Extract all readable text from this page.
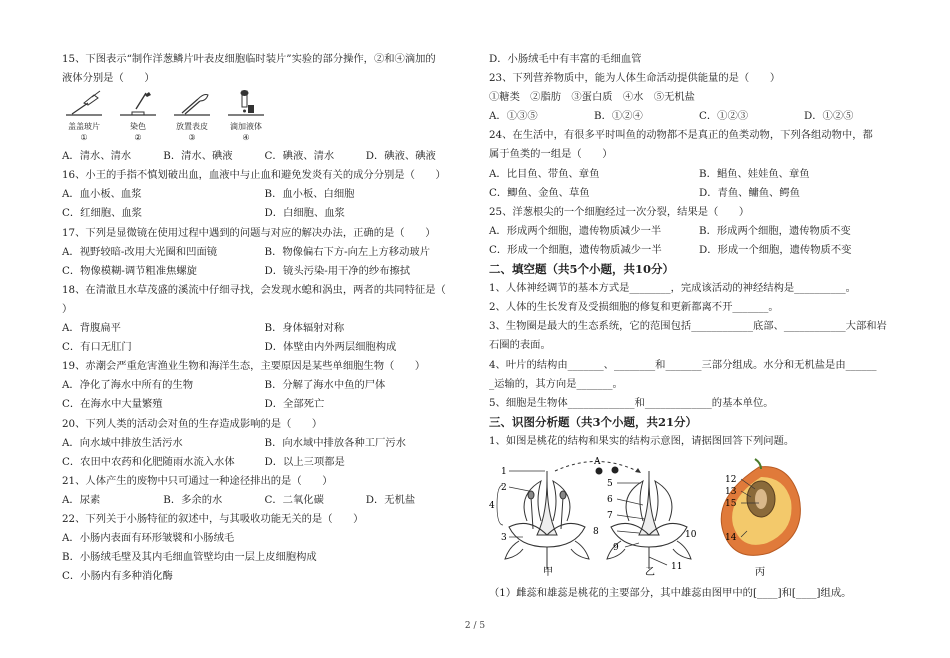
15、下图表示“制作洋葱鳞片叶表皮细胞临时装片”实验的部分操作，②和④滴加的
液体分别是（　　）
盖盖玻片
①
染色
②
放置表皮
③
滴加液体
④
A．清水、清水	B．清水、碘液	C．碘液、清水	D．碘液、碘液
16、小王的手指不慎划破出血，血液中与止血和避免发炎有关的成分分别是（　　）
A．血小板、血浆	B．血小板、白细胞
C．红细胞、血浆	D．白细胞、血浆
17、下列是显微镜在使用过程中遇到的问题与对应的解决办法，正确的是（　　）
A．视野较暗-改用大光圈和凹面镜	B．物像偏右下方-向左上方移动玻片
C．物像模糊-调节粗准焦螺旋	D．镜头污染-用干净的纱布擦拭
18、在清澈且水草茂盛的溪流中仔细寻找，会发现水螅和涡虫，两者的共同特征是（
）
A．背腹扁平	B．身体辐射对称
C．有口无肛门	D．体壁由内外两层细胞构成
19、赤潮会严重危害渔业生物和海洋生态，主要原因是某些单细胞生物（　　）
A．净化了海水中所有的生物	B．分解了海水中鱼的尸体
C．在海水中大量繁殖	D．全部死亡
20、下列人类的活动会对鱼的生存造成影响的是（　　）
A．向水域中排放生活污水	B．向水域中排放各种工厂污水
C．农田中农药和化肥随雨水流入水体	D．以上三项都是
21、人体产生的废物中只可通过一种途径排出的是（　　）
A．尿素	B．多余的水	C．二氧化碳	D．无机盐
22、下列关于小肠特征的叙述中，与其吸收功能无关的是（　　）
A．小肠内表面有环形皱襞和小肠绒毛
B．小肠绒毛壁及其内毛细血管壁均由一层上皮细胞构成
C．小肠内有多种消化酶
D．小肠绒毛中有丰富的毛细血管
23、下列营养物质中，能为人体生命活动提供能量的是（　　）
①糖类　②脂肪　③蛋白质　④水　⑤无机盐
A．①③⑤	B．①②④	C．①②③	D．①②⑤
24、在生活中，有很多平时叫鱼的动物都不是真正的鱼类动物，下列各组动物中，都
属于鱼类的一组是（　　）
A．比目鱼、带鱼、章鱼	B．鲳鱼、娃娃鱼、章鱼
C．鲫鱼、金鱼、草鱼	D．青鱼、鳙鱼、鳄鱼
25、洋葱根尖的一个细胞经过一次分裂，结果是（　　）
A．形成两个细胞，遗传物质减少一半	B．形成两个细胞，遗传物质不变
C．形成一个细胞，遗传物质减少一半	D．形成一个细胞，遗传物质不变
二、填空题（共5个小题，共10分）
1、人体神经调节的基本方式是________，完成该活动的神经结构是__________。
2、人体的生长发育及受损细胞的修复和更新都离不开_______。
3、生物圈是最大的生态系统，它的范围包括____________底部、____________大部和岩
石圈的表面。
4、叶片的结构由_______、________和_______三部分组成。水分和无机盐是由______
_运输的，其方向是_______。
5、细胞是生物体_____________和_____________的基本单位。
三、识图分析题（共3个小题，共21分）
1、如图是桃花的结构和果实的结构示意图，请据图回答下列问题。
1
2
4
3
A
5
6
7
8
9
10
11
12
13
15
14
甲	乙	丙
（1）雌蕊和雄蕊是桃花的主要部分，其中雄蕊由图甲中的[____]和[____]组成。
2 / 5
